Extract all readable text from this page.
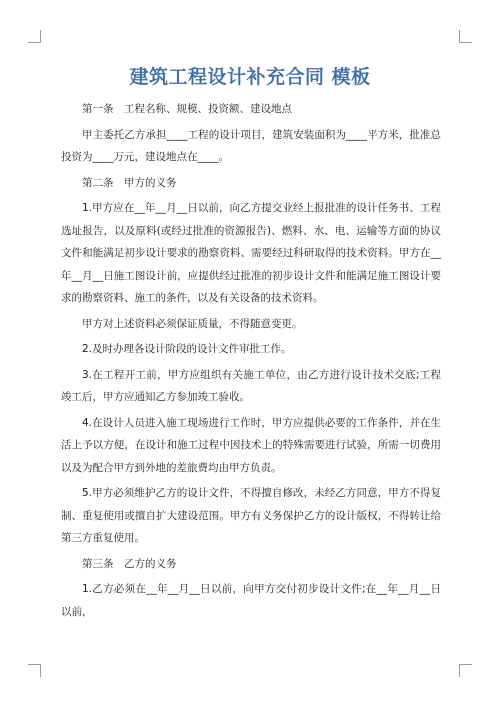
建筑工程设计补充合同 模板

第一条　工程名称、规模、投资额、建设地点

甲主委托乙方承担____工程的设计项目，建筑安装面积为____平方米，批准总投资为____万元，建设地点在____。

第二条　甲方的义务

1.甲方应在__年__月__日以前，向乙方提交业经上报批准的设计任务书、工程选址报告，以及原料(或经过批准的资源报告)、燃料、水、电、运输等方面的协议文件和能满足初步设计要求的勘察资料、需要经过科研取得的技术资料。甲方在__年__月__日施工图设计前，应提供经过批准的初步设计文件和能满足施工图设计要求的勘察资料、施工的条件，以及有关设备的技术资料。

甲方对上述资料必须保证质量，不得随意变更。

2.及时办理各设计阶段的设计文件审批工作。

3.在工程开工前，甲方应组织有关施工单位，由乙方进行设计技术交底;工程竣工后，甲方应通知乙方参加竣工验收。

4.在设计人员进入施工现场进行工作时，甲方应提供必要的工作条件，并在生活上予以方便，在设计和施工过程中因技术上的特殊需要进行试验，所需一切费用以及为配合甲方到外地的差旅费均由甲方负责。

5.甲方必须维护乙方的设计文件，不得擅自修改，未经乙方同意，甲方不得复制、重复使用或擅自扩大建设范围。甲方有义务保护乙方的设计版权，不得转让给第三方重复使用。

第三条　乙方的义务

1.乙方必须在__年__月__日以前，向甲方交付初步设计文件;在__年__月__日以前，
